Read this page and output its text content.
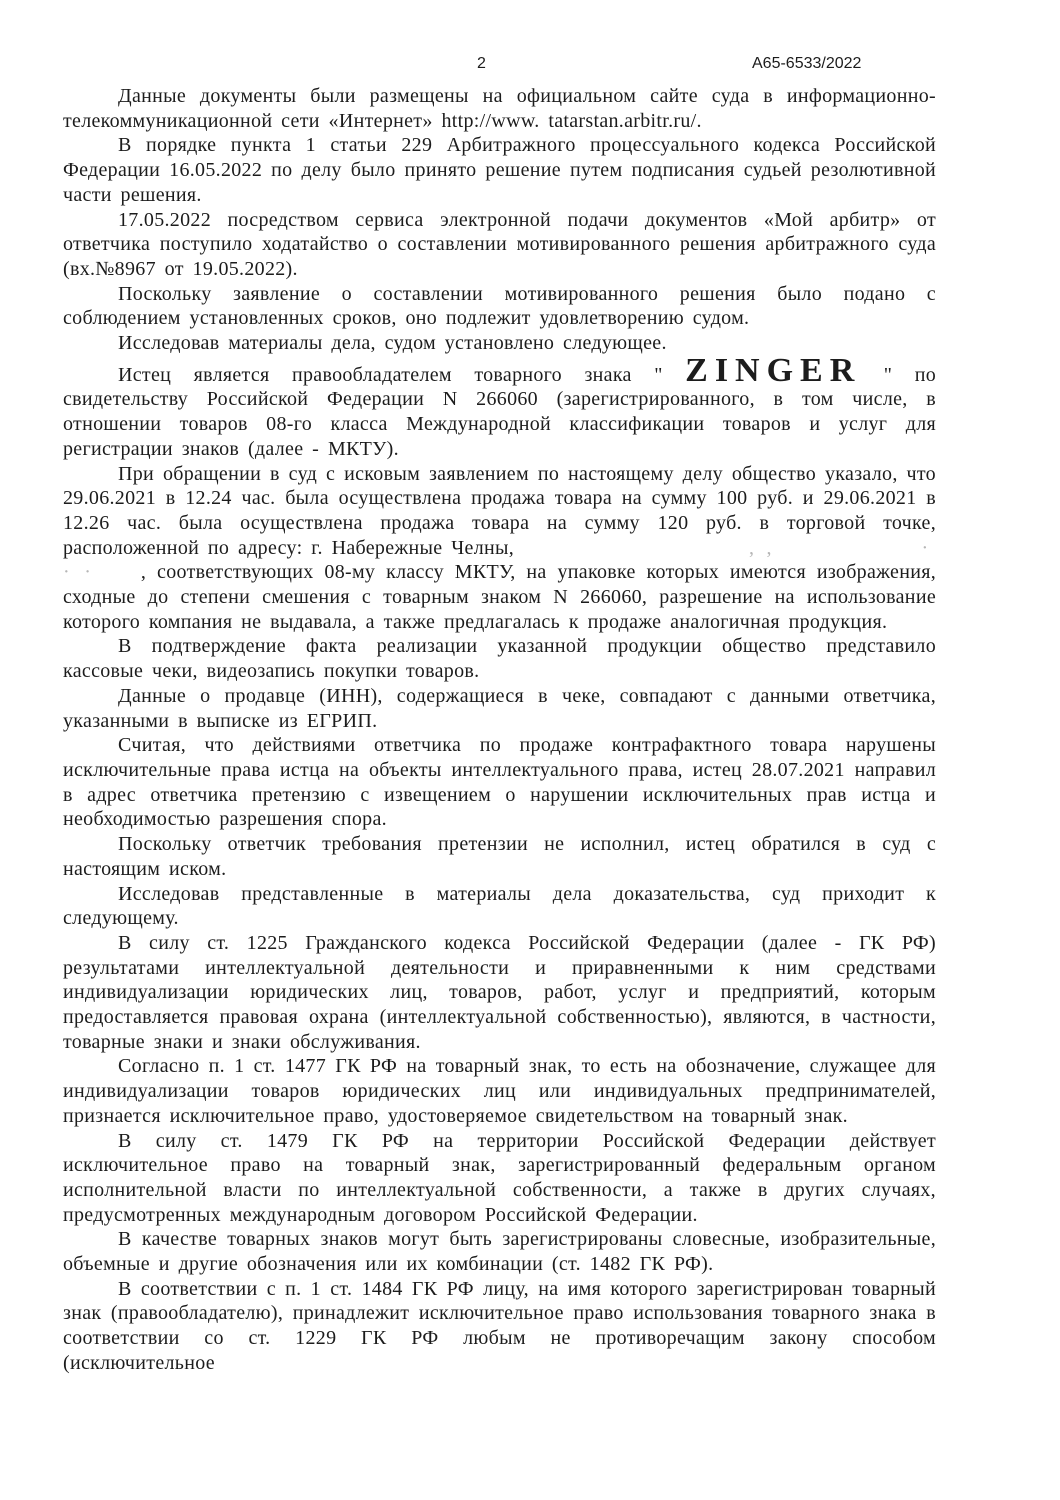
2	А65-6533/2022

Данные документы были размещены на официальном сайте суда в информационно-телекоммуникационной сети «Интернет» http://www. tatarstan.arbitr.ru/.

В порядке пункта 1 статьи 229 Арбитражного процессуального кодекса Российской Федерации 16.05.2022 по делу было принято решение путем подписания судьей резолютивной части решения.

17.05.2022 посредством сервиса электронной подачи документов «Мой арбитр» от ответчика поступило ходатайство о составлении мотивированного решения арбитражного суда (вх.№8967 от 19.05.2022).

Поскольку заявление о составлении мотивированного решения было подано с соблюдением установленных сроков, оно подлежит удовлетворению судом.

Исследовав материалы дела, судом установлено следующее.

Истец является правообладателем товарного знака " ZINGER " по свидетельству Российской Федерации N 266060 (зарегистрированного, в том числе, в отношении товаров 08-го класса Международной классификации товаров и услуг для регистрации знаков (далее - МКТУ).

При обращении в суд с исковым заявлением по настоящему делу общество указало, что 29.06.2021 в 12.24 час. была осуществлена продажа товара на сумму 100 руб. и 29.06.2021 в 12.26 час. была осуществлена продажа товара на сумму 120 руб. в торговой точке, расположенной по адресу: г. Набережные Челны,	, ,	·

· · , соответствующих 08-му классу МКТУ, на упаковке которых имеются изображения, сходные до степени смешения с товарным знаком N 266060, разрешение на использование которого компания не выдавала, а также предлагалась к продаже аналогичная продукция.

В подтверждение факта реализации указанной продукции общество представило кассовые чеки, видеозапись покупки товаров.

Данные о продавце (ИНН), содержащиеся в чеке, совпадают с данными ответчика, указанными в выписке из ЕГРИП.

Считая, что действиями ответчика по продаже контрафактного товара нарушены исключительные права истца на объекты интеллектуального права, истец 28.07.2021 направил в адрес ответчика претензию с извещением о нарушении исключительных прав истца и необходимостью разрешения спора.

Поскольку ответчик требования претензии не исполнил, истец обратился в суд с настоящим иском.

Исследовав представленные в материалы дела доказательства, суд приходит к следующему.

В силу ст. 1225 Гражданского кодекса Российской Федерации (далее - ГК РФ) результатами интеллектуальной деятельности и приравненными к ним средствами индивидуализации юридических лиц, товаров, работ, услуг и предприятий, которым предоставляется правовая охрана (интеллектуальной собственностью), являются, в частности, товарные знаки и знаки обслуживания.

Согласно п. 1 ст. 1477 ГК РФ на товарный знак, то есть на обозначение, служащее для индивидуализации товаров юридических лиц или индивидуальных предпринимателей, признается исключительное право, удостоверяемое свидетельством на товарный знак.

В силу ст. 1479 ГК РФ на территории Российской Федерации действует исключительное право на товарный знак, зарегистрированный федеральным органом исполнительной власти по интеллектуальной собственности, а также в других случаях, предусмотренных международным договором Российской Федерации.

В качестве товарных знаков могут быть зарегистрированы словесные, изобразительные, объемные и другие обозначения или их комбинации (ст. 1482 ГК РФ).

В соответствии с п. 1 ст. 1484 ГК РФ лицу, на имя которого зарегистрирован товарный знак (правообладателю), принадлежит исключительное право использования товарного знака в соответствии со ст. 1229 ГК РФ любым не противоречащим закону способом (исключительное
